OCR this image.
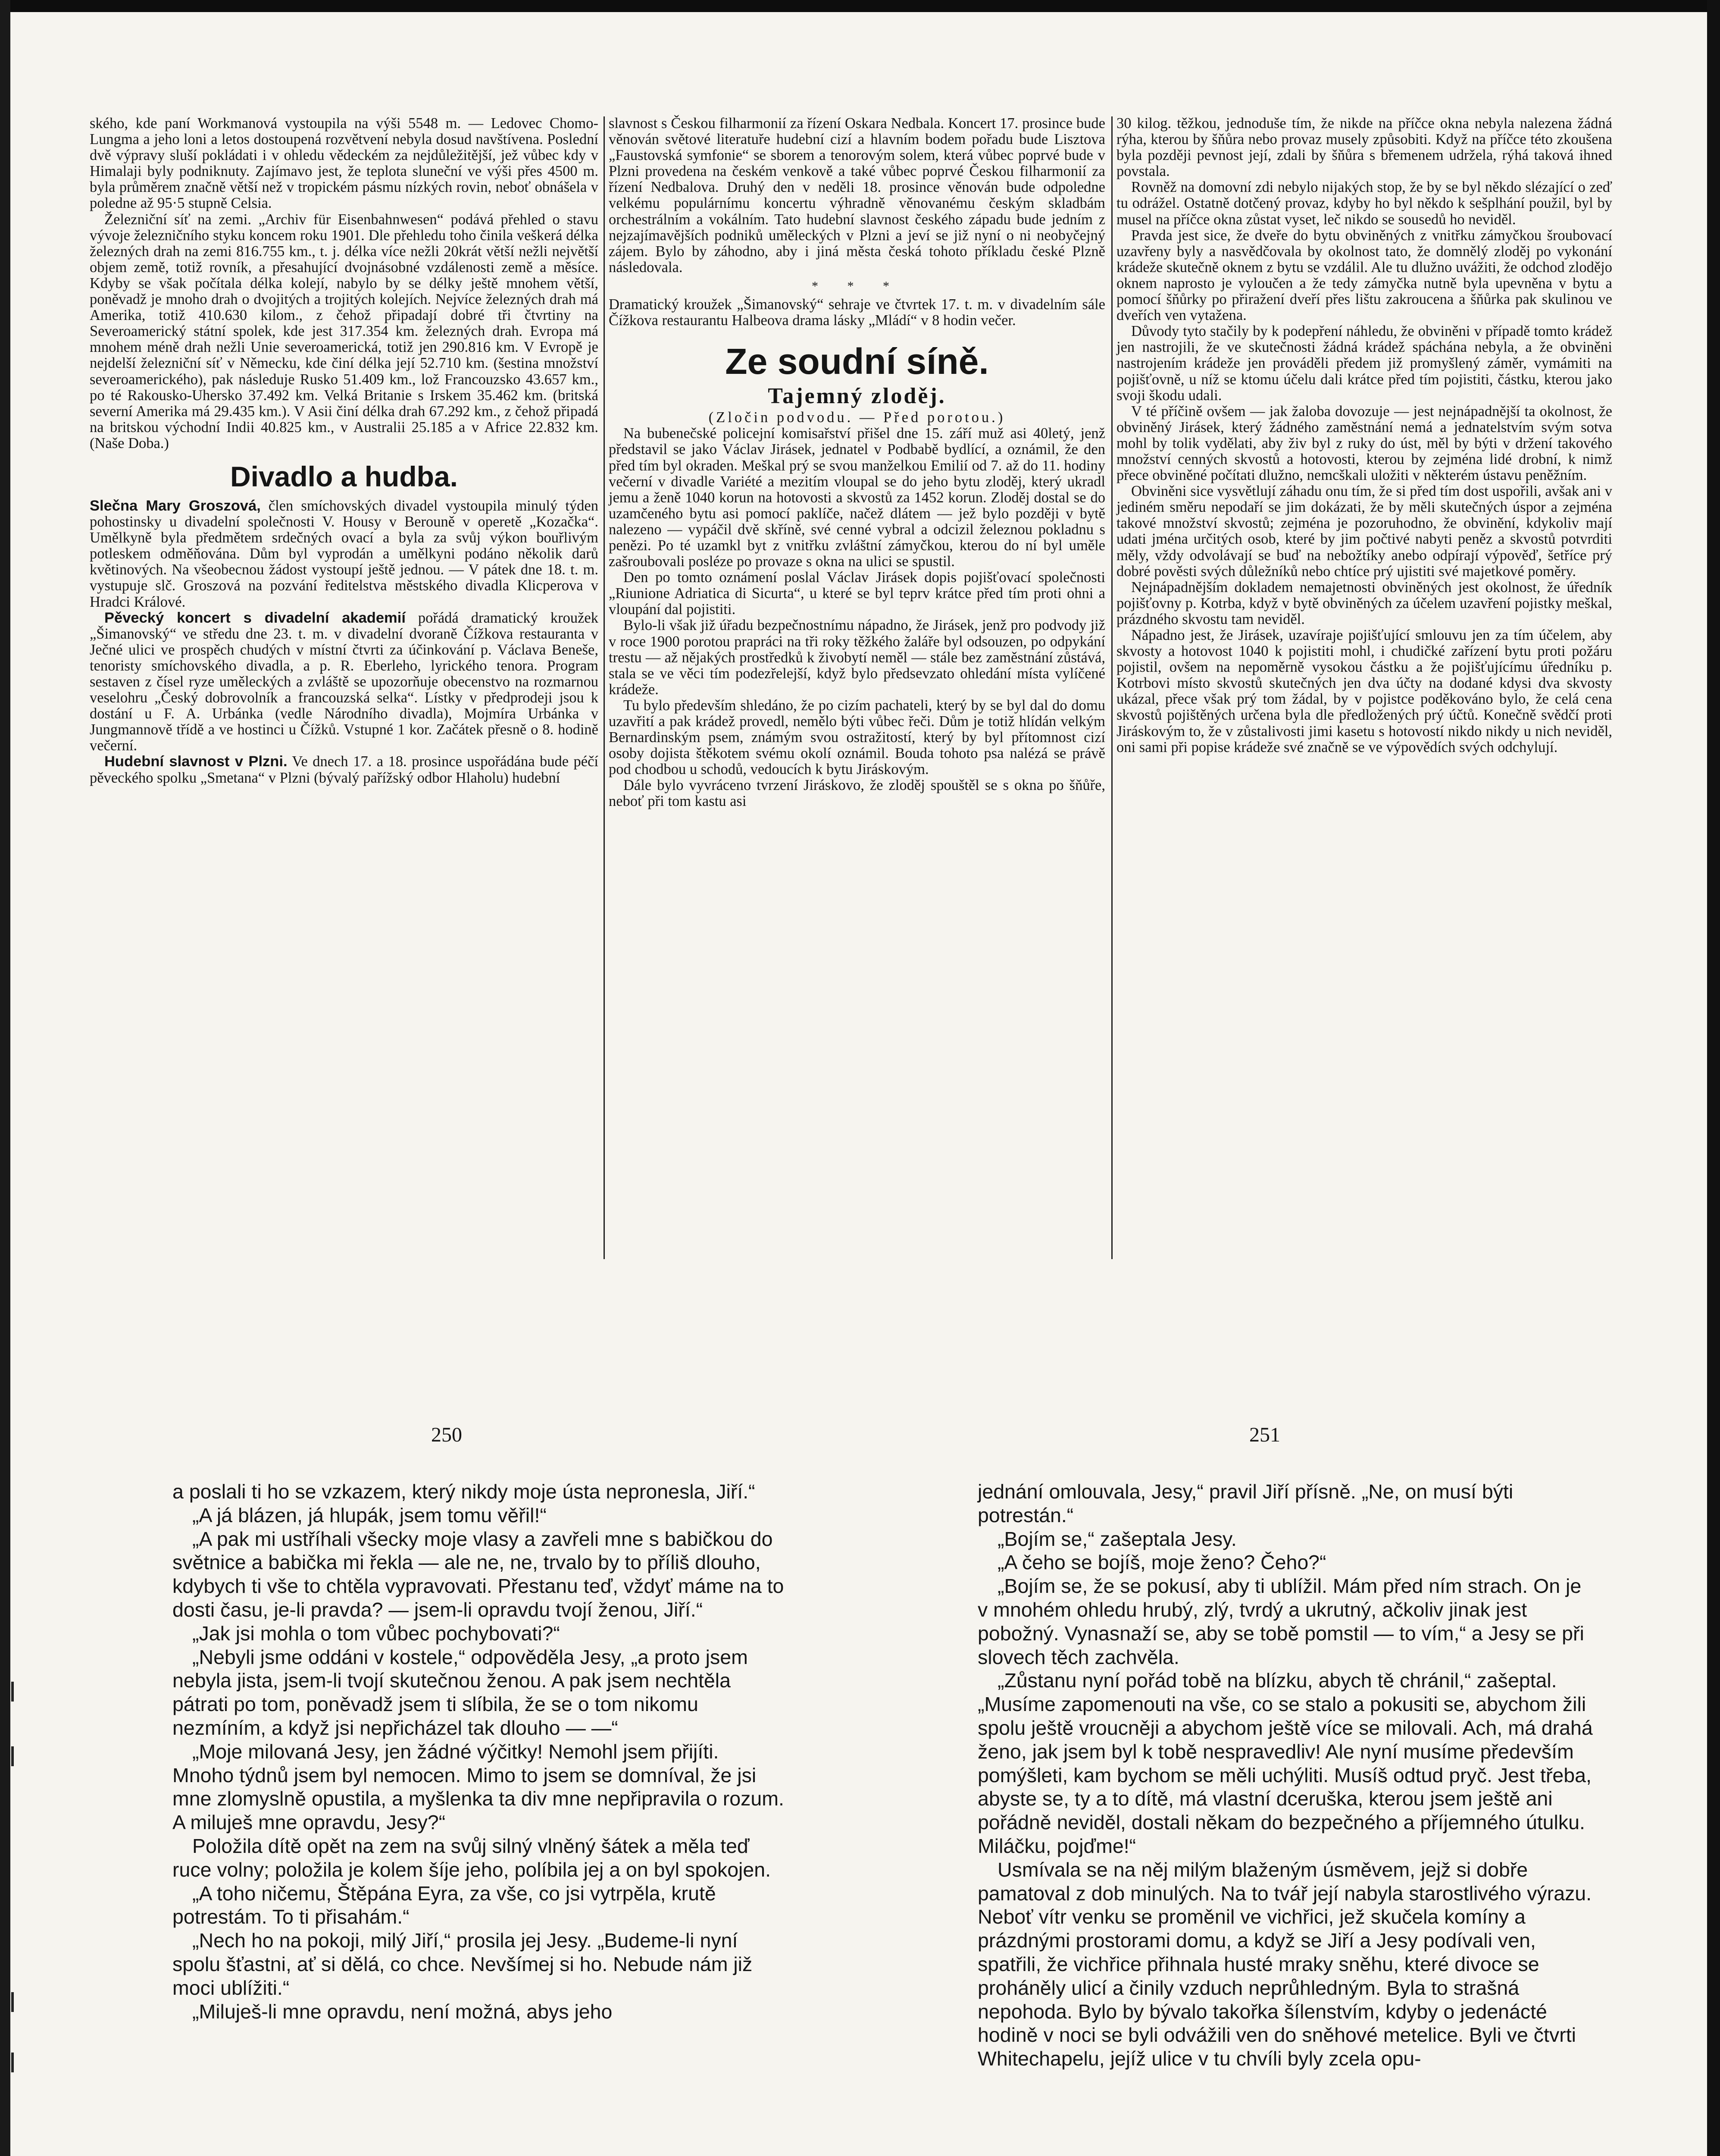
ského, kde paní Workmanová vystoupila na výši 5548 m. — Ledovec Chomo-Lungma a jeho loni a letos dostoupená rozvětvení nebyla dosud navštívena. Poslední dvě výpravy sluší pokládati i v ohledu vědeckém za nejdůležitější, jež vůbec kdy v Himalaji byly podniknuty. Zajímavo jest, že teplota sluneční ve výši přes 4500 m. byla průměrem značně větší než v tropickém pásmu nízkých rovin, neboť obnášela v poledne až 95·5 stupně Celsia.

Železniční síť na zemi. „Archiv für Eisenbahnwesen“ podává přehled o stavu vývoje železničního styku koncem roku 1901. Dle přehledu toho činila veškerá délka železných drah na zemi 816.755 km., t. j. délka více nežli 20krát větší nežli největší objem země, totiž rovník, a přesahující dvojnásobné vzdálenosti země a měsíce. Kdyby se však počítala délka kolejí, nabylo by se délky ještě mnohem větší, poněvadž je mnoho drah o dvojitých a trojitých kolejích. Nejvíce železných drah má Amerika, totiž 410.630 kilom., z čehož připadají dobré tři čtvrtiny na Severoamerický státní spolek, kde jest 317.354 km. železných drah. Evropa má mnohem méně drah nežli Unie severoamerická, totiž jen 290.816 km. V Evropě je nejdelší železniční síť v Německu, kde činí délka její 52.710 km. (šestina množství severoamerického), pak následuje Rusko 51.409 km., lož Francouzsko 43.657 km., po té Rakousko-Uhersko 37.492 km. Velká Britanie s Irskem 35.462 km. (britská severní Amerika má 29.435 km.). V Asii činí délka drah 67.292 km., z čehož připadá na britskou východní Indii 40.825 km., v Australii 25.185 a v Africe 22.832 km. (Naše Doba.)

Divadlo a hudba.

Slečna Mary Groszová, člen smíchovských divadel vystoupila minulý týden pohostinsky u divadelní společnosti V. Housy v Berouně v operetě „Kozačka“. Umělkyně byla předmětem srdečných ovací a byla za svůj výkon bouřlivým potleskem odměňována. Dům byl vyprodán a umělkyni podáno několik darů květinových. Na všeobecnou žádost vystoupí ještě jednou. — V pátek dne 18. t. m. vystupuje slč. Groszová na pozvání ředitelstva městského divadla Klicperova v Hradci Králové.

Pěvecký koncert s divadelní akademií pořádá dramatický kroužek „Šimanovský“ ve středu dne 23. t. m. v divadelní dvoraně Čížkova restauranta v Ječné ulici ve prospěch chudých v místní čtvrti za účinkování p. Václava Beneše, tenoristy smíchovského divadla, a p. R. Eberleho, lyrického tenora. Program sestaven z čísel ryze uměleckých a zvláště se upozorňuje obecenstvo na rozmarnou veselohru „Český dobrovolník a francouzská selka“. Lístky v předprodeji jsou k dostání u F. A. Urbánka (vedle Národního divadla), Mojmíra Urbánka v Jungmannově třídě a ve hostinci u Čížků. Vstupné 1 kor. Začátek přesně o 8. hodině večerní.

Hudební slavnost v Plzni. Ve dnech 17. a 18. prosince uspořádána bude péčí pěveckého spolku „Smetana“ v Plzni (bývalý pařížský odbor Hlaholu) hudební

slavnost s Českou filharmonií za řízení Oskara Nedbala. Koncert 17. prosince bude věnován světové literatuře hudební cizí a hlavním bodem pořadu bude Lisztova „Faustovská symfonie“ se sborem a tenorovým solem, která vůbec poprvé bude v Plzni provedena na českém venkově a také vůbec poprvé Českou filharmonií za řízení Nedbalova. Druhý den v neděli 18. prosince věnován bude odpoledne velkému populárnímu koncertu výhradně věnovanému českým skladbám orchestrálním a vokálním. Tato hudební slavnost českého západu bude jedním z nejzajímavějších podniků uměleckých v Plzni a jeví se již nyní o ni neobyčejný zájem. Bylo by záhodno, aby i jiná města česká tohoto příkladu české Plzně následovala.

* * *

Dramatický kroužek „Šimanovský“ sehraje ve čtvrtek 17. t. m. v divadelním sále Čížkova restaurantu Halbeova drama lásky „Mládí“ v 8 hodin večer.

Ze soudní síně.
Tajemný zloděj.

(Zločin podvodu. — Před porotou.)

Na bubenečské policejní komisařství přišel dne 15. září muž asi 40letý, jenž představil se jako Václav Jirásek, jednatel v Podbabě bydlící, a oznámil, že den před tím byl okraden. Meškal prý se svou manželkou Emilií od 7. až do 11. hodiny večerní v divadle Variété a mezitím vloupal se do jeho bytu zloděj, který ukradl jemu a ženě 1040 korun na hotovosti a skvostů za 1452 korun. Zloděj dostal se do uzamčeného bytu asi pomocí paklíče, načež dlátem — jež bylo později v bytě nalezeno — vypáčil dvě skříně, své cenné vybral a odcizil železnou pokladnu s penězi. Po té uzamkl byt z vnitřku zvláštní zámyčkou, kterou do ní byl uměle zašroubovalі posléze po provaze s okna na ulici se spustil.

Den po tomto oznámení poslal Václav Jirásek dopis pojišťovací společnosti „Riunione Adriatica di Sicurta“, u které se byl teprv krátce před tím proti ohni a vloupání dal pojistiti.

Bylo-li však již úřadu bezpečnostnímu nápadno, že Jirásek, jenž pro podvody již v roce 1900 porotou prapráci na tři roky těžkého žaláře byl odsouzen, po odpykání trestu — až nějakých prostředků k živobytí neměl — stále bez zaměstnání zůstává, stala se ve věci tím podezřelejší, když bylo předsevzato ohledání místa vylíčené krádeže.

Tu bylo především shledáno, že po cizím pachateli, který by se byl dal do domu uzavřití a pak krádež provedl, nemělo býti vůbec řeči. Dům je totiž hlídán velkým Bernardinským psem, známým svou ostražitostí, který by byl přítomnost cizí osoby dojista štěkotem svému okolí oznámil. Bouda tohoto psa nalézá se právě pod chodbou u schodů, vedoucích k bytu Jiráskovým.

Dále bylo vyvráceno tvrzení Jiráskovo, že zloděj spouštěl se s okna po šňůře, neboť při tom kastu asi

30 kilog. těžkou, jednoduše tím, že nikde na příčce okna nebyla nalezena žádná rýha, kterou by šňůra nebo provaz musely způsobiti. Když na příčce této zkoušena byla později pevnost její, zdali by šňůra s břemenem udržela, rýhá taková ihned povstala.

Rovněž na domovní zdi nebylo nijakých stop, že by se byl někdo slézající o zeď tu odrážel. Ostatně dotčený provaz, kdyby ho byl někdo k sešplhání použil, byl by musel na příčce okna zůstat vyset, leč nikdo se sousedů ho neviděl.

Pravda jest sice, že dveře do bytu obviněných z vnitřku zámyčkou šroubovací uzavřeny byly a nasvědčovala by okolnost tato, že domnělý zloděj po vykonání krádeže skutečně oknem z bytu se vzdálil. Ale tu dlužno uvážiti, že odchod zlodějo oknem naprosto je vyloučen a že tedy zámyčka nutně byla upevněna v bytu a pomocí šňůrky po přiražení dveří přes lištu zakroucena a šňůrka pak skulinou ve dveřích ven vytažena.

Důvody tyto stačily by k podepření náhledu, že obviněni v případě tomto krádež jen nastrojili, že ve skutečnosti žádná krádež spáchána nebyla, a že obviněni nastrojením krádeže jen prováděli předem již promyšlený záměr, vymámiti na pojišťovně, u níž se ktomu účelu dali krátce před tím pojistiti, částku, kterou jako svoji škodu udali.

V té příčině ovšem — jak žaloba dovozuje — jest nejnápadnější ta okolnost, že obviněný Jirásek, který žádného zaměstnání nemá a jednatelstvím svým sotva mohl by tolik vydělati, aby živ byl z ruky do úst, měl by býti v držení takového množství cenných skvostů a hotovosti, kterou by zejména lidé drobní, k nimž přece obviněné počítati dlužno, nemcškali uložiti v některém ústavu peněžním.

Obviněni sice vysvětlují záhadu onu tím, že si před tím dost uspořili, avšak ani v jediném směru nepodaří se jim dokázati, že by měli skutečných úspor a zejména takové množství skvostů; zejména je pozoruhodno, že obvinění, kdykoliv mají udati jména určitých osob, které by jim počtivé nabyti peněz a skvostů potvrditi měly, vždy odvolávají se buď na nebožtíky anebo odpírají výpověď, šetříce prý dobré pověsti svých důležníků nebo chtíce prý ujistiti své majetkové poměry.

Nejnápadnějším dokladem nemajetnosti obviněných jest okolnost, že úředník pojišťovny p. Kotrba, když v bytě obviněných za účelem uzavření pojistky meškal, prázdného skvostu tam neviděl.

Nápadno jest, že Jirásek, uzavíraje pojišťující smlouvu jen za tím účelem, aby skvosty a hotovost 1040 k pojistiti mohl, i chudičké zařízení bytu proti požáru pojistil, ovšem na nepoměrně vysokou částku a že pojišťujícímu úředníku p. Kotrbovi místo skvostů skutečných jen dva účty na dodané kdysi dva skvosty ukázal, přece však prý tom žádal, by v pojistce poděkováno bylo, že celá cena skvostů pojištěných určena byla dle předložených prý účtů. Konečně svědčí proti Jiráskovým to, že v zůstalivosti jimi kasetu s hotovostí nikdo nikdy u nich neviděl, oni sami při popise krádeže své značně se ve výpovědích svých odchylují.

250	251

a poslali ti ho se vzkazem, který nikdy moje ústa nepronesla, Jiří.“

„A já blázen, já hlupák, jsem tomu věřil!“

„A pak mi ustříhali všecky moje vlasy a zavřeli mne s babičkou do světnice a babička mi řekla — ale ne, ne, trvalo by to příliš dlouho, kdybych ti vše to chtěla vypravovati. Přestanu teď, vždyť máme na to dosti času, je-li pravda? — jsem-li opravdu tvojí ženou, Jiří.“

„Jak jsi mohla o tom vůbec pochybovati?“

„Nebyli jsme oddáni v kostele,“ odpověděla Jesy, „a proto jsem nebyla jista, jsem-li tvojí skutečnou ženou. A pak jsem nechtěla pátrati po tom, poněvadž jsem ti slíbila, že se o tom nikomu nezmíním, a když jsi nepřicházel tak dlouho — —“

„Moje milovaná Jesy, jen žádné výčitky! Nemohl jsem přijíti. Mnoho týdnů jsem byl nemocen. Mimo to jsem se domníval, že jsi mne zlomyslně opustila, a myšlenka ta div mne nepřipravila o rozum. A miluješ mne opravdu, Jesy?“

Položila dítě opět na zem na svůj silný vlněný šátek a měla teď ruce volny; položila je kolem šíje jeho, políbila jej a on byl spokojen.

„A toho ničemu, Štěpána Eyra, za vše, co jsi vytrpěla, krutě potrestám. To ti přisahám.“

„Nech ho na pokoji, milý Jiří,“ prosila jej Jesy. „Budeme-li nyní spolu šťastni, ať si dělá, co chce. Nevšímej si ho. Nebude nám již moci ublížiti.“

„Miluješ-li mne opravdu, není možná, abys jeho

jednání omlouvala, Jesy,“ pravil Jiří přísně. „Ne, on musí býti potrestán.“

„Bojím se,“ zašeptala Jesy.

„A čeho se bojíš, moje ženo? Čeho?“

„Bojím se, že se pokusí, aby ti ublížil. Mám před ním strach. On je v mnohém ohledu hrubý, zlý, tvrdý a ukrutný, ačkoliv jinak jest pobožný. Vynasnaží se, aby se tobě pomstil — to vím,“ a Jesy se při slovech těch zachvěla.

„Zůstanu nyní pořád tobě na blízku, abych tě chránil,“ zašeptal. „Musíme zapomenouti na vše, co se stalo a pokusiti se, abychom žili spolu ještě vroucněji a abychom ještě více se milovali. Ach, má drahá ženo, jak jsem byl k tobě nespravedliv! Ale nyní musíme především pomýšleti, kam bychom se měli uchýliti. Musíš odtud pryč. Jest třeba, abyste se, ty a to dítě, má vlastní dceruška, kterou jsem ještě ani pořádně neviděl, dostali někam do bezpečného a příjemného útulku. Miláčku, pojďme!“

Usmívala se na něj milým blaženým úsměvem, jejž si dobře pamatoval z dob minulých. Na to tvář její nabyla starostlivého výrazu. Neboť vítr venku se proměnil ve vichřici, jež skučela komíny a prázdnými prostorami domu, a když se Jiří a Jesy podívali ven, spatřili, že vichřice přihnala husté mraky sněhu, které divoce se proháněly ulicí a činily vzduch neprůhledným. Byla to strašná nepohoda. Bylo by bývalo takořka šílenstvím, kdyby o jedenácté hodině v noci se byli odvážili ven do sněhové metelice. Byli ve čtvrti Whitechapelu, jejíž ulice v tu chvíli byly zcela opu-
